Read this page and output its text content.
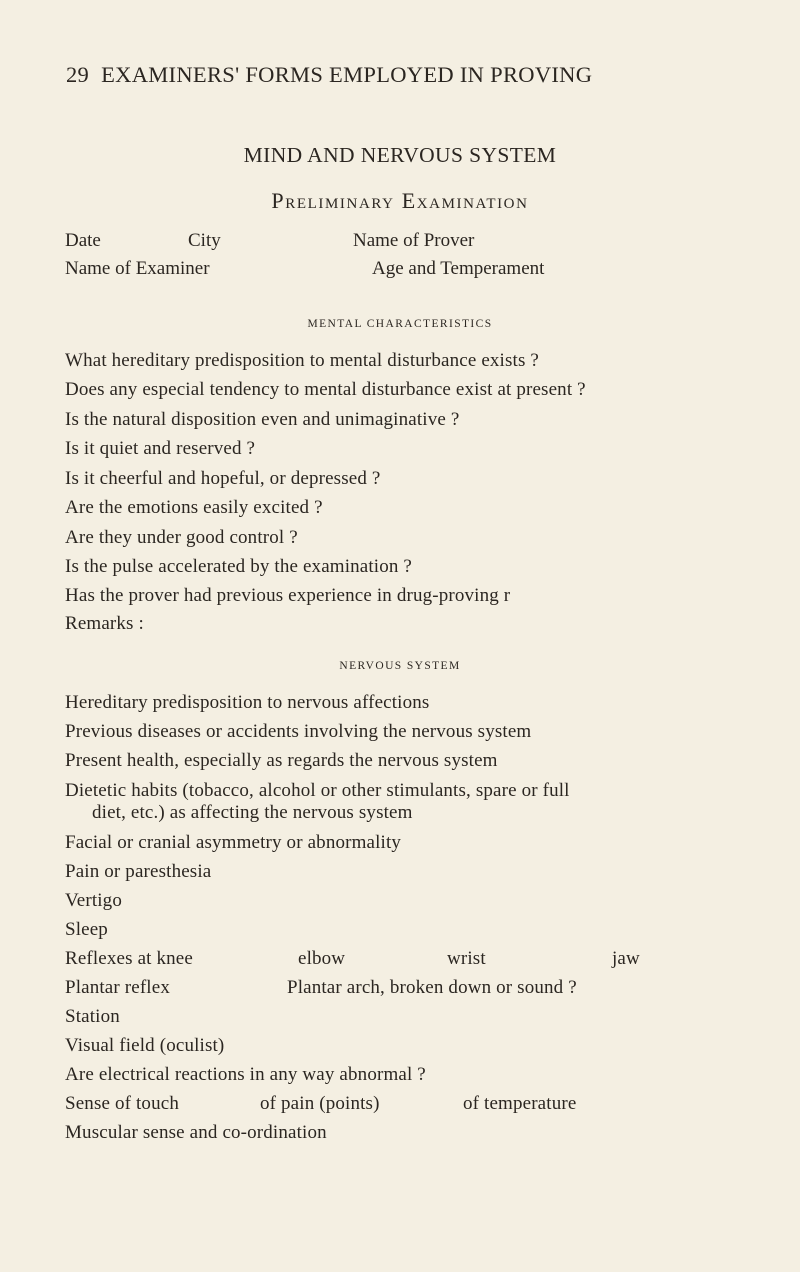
29 EXAMINERS' FORMS EMPLOYED IN PROVING
MIND AND NERVOUS SYSTEM
Preliminary Examination
Date	City	Name of Prover
Name of Examiner	Age and Temperament
MENTAL CHARACTERISTICS
What hereditary predisposition to mental disturbance exists ?
Does any especial tendency to mental disturbance exist at present ?
Is the natural disposition even and unimaginative ?
Is it quiet and reserved ?
Is it cheerful and hopeful, or depressed ?
Are the emotions easily excited ?
Are they under good control ?
Is the pulse accelerated by the examination ?
Has the prover had previous experience in drug-proving r
Remarks :
NERVOUS SYSTEM
Hereditary predisposition to nervous affections
Previous diseases or accidents involving the nervous system
Present health, especially as regards the nervous system
Dietetic habits (tobacco, alcohol or other stimulants, spare or full
diet, etc.) as affecting the nervous system
Facial or cranial asymmetry or abnormality
Pain or paresthesia
Vertigo
Sleep
Reflexes at knee	elbow	wrist	jaw
Plantar reflex	Plantar arch, broken down or sound ?
Station
Visual field (oculist)
Are electrical reactions in any way abnormal ?
Sense of touch	of pain (points)	of temperature
Muscular sense and co-ordination
